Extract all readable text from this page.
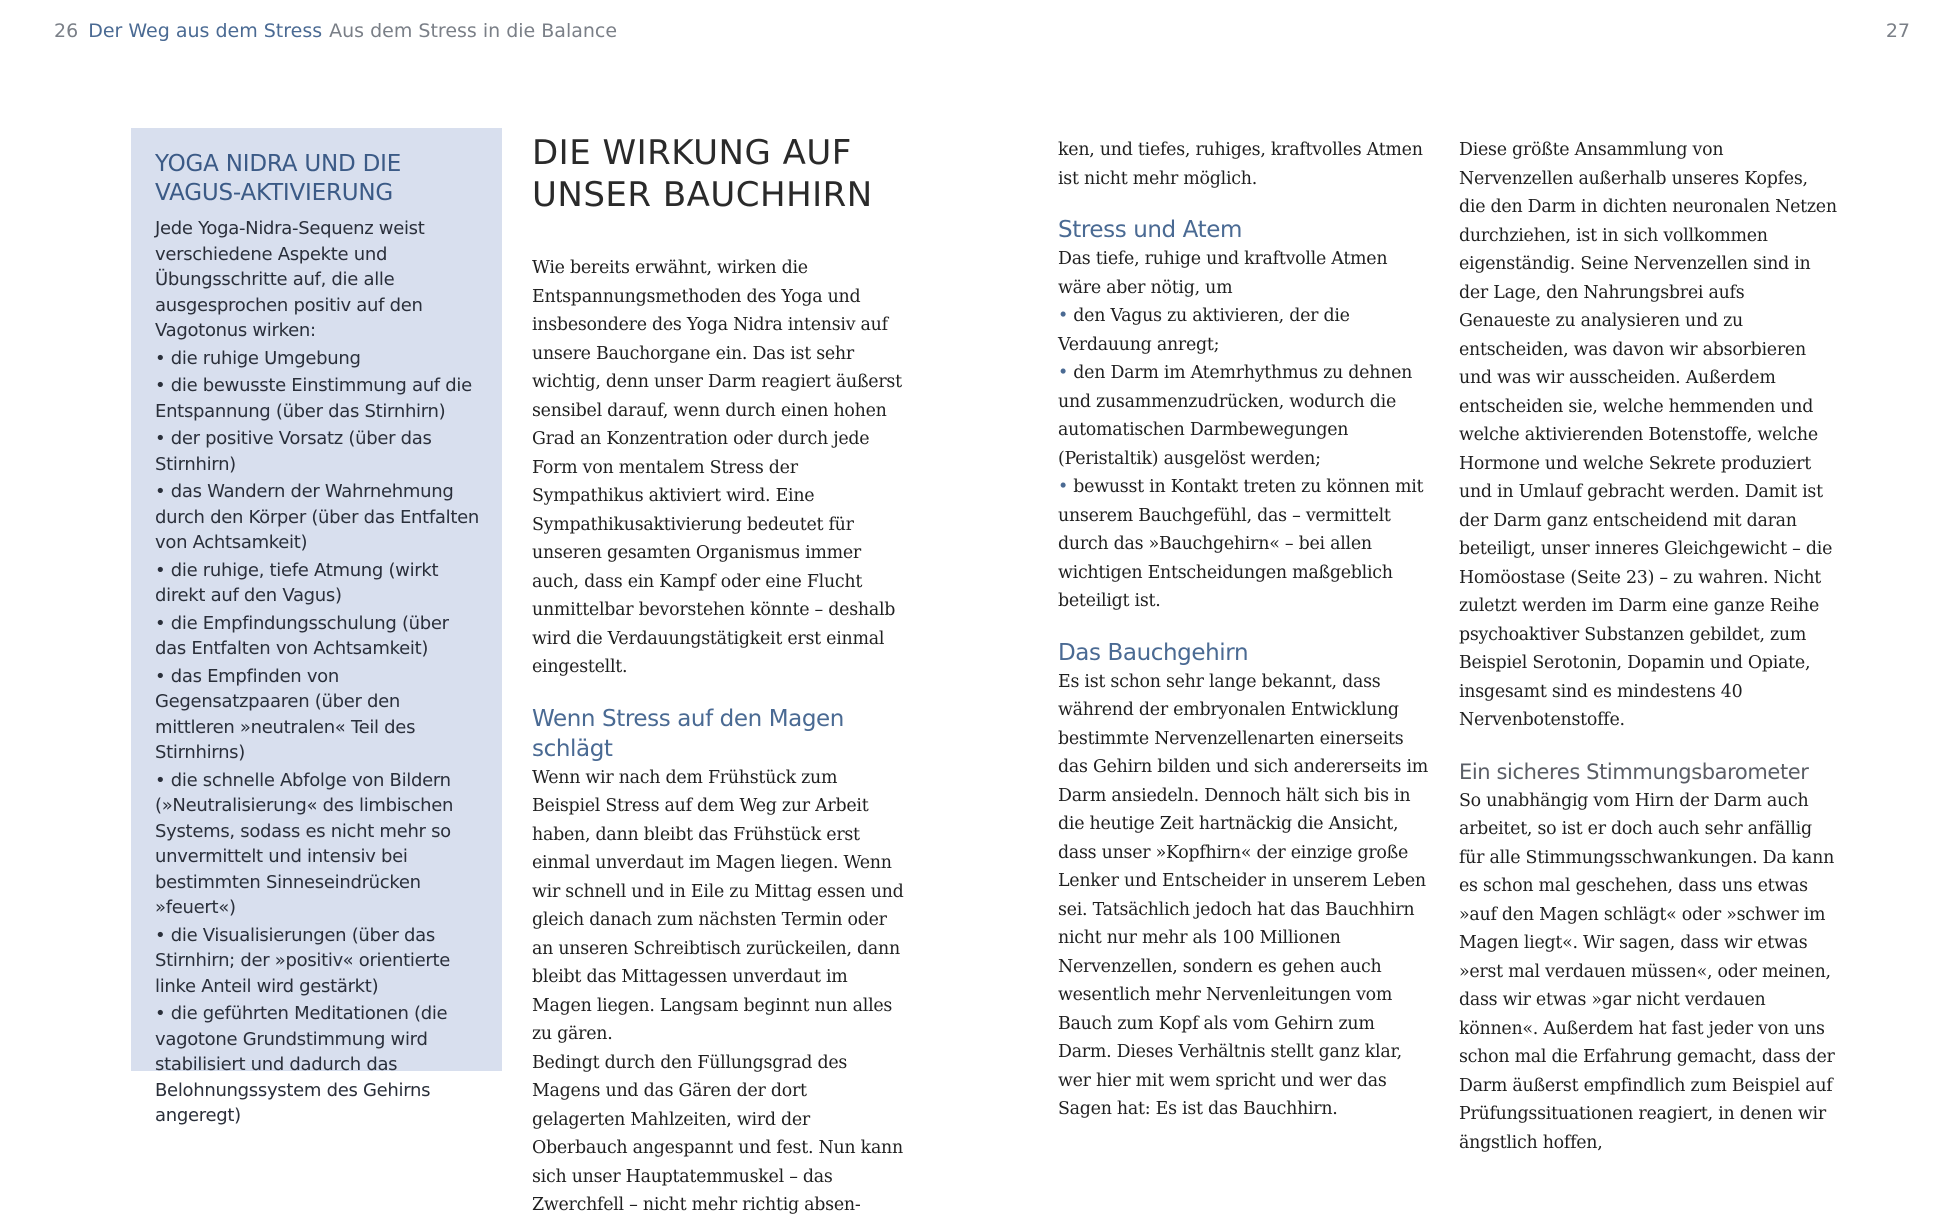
26 Der Weg aus dem Stress Aus dem Stress in die Balance	27
YOGA NIDRA UND DIE VAGUS-AKTIVIERUNG

Jede Yoga-Nidra-Sequenz weist verschiedene Aspekte und Übungsschritte auf, die alle ausgesprochen positiv auf den Vagotonus wirken:

• die ruhige Umgebung
• die bewusste Einstimmung auf die Entspannung (über das Stirnhirn)
• der positive Vorsatz (über das Stirnhirn)
• das Wandern der Wahrnehmung durch den Körper (über das Entfalten von Achtsamkeit)
• die ruhige, tiefe Atmung (wirkt direkt auf den Vagus)
• die Empfindungsschulung (über das Entfalten von Achtsamkeit)
• das Empfinden von Gegensatzpaaren (über den mittleren »neutralen« Teil des Stirnhirns)
• die schnelle Abfolge von Bildern (»Neutralisierung« des limbischen Systems, sodass es nicht mehr so unvermittelt und intensiv bei bestimmten Sinneseindrücken »feuert«)
• die Visualisierungen (über das Stirnhirn; der »positiv« orientierte linke Anteil wird gestärkt)
• die geführten Meditationen (die vagotone Grundstimmung wird stabilisiert und dadurch das Belohnungssystem des Gehirns angeregt)
DIE WIRKUNG AUF UNSER BAUCHHIRN

Wie bereits erwähnt, wirken die Entspannungsmethoden des Yoga und insbesondere des Yoga Nidra intensiv auf unsere Bauchorgane ein. Das ist sehr wichtig, denn unser Darm reagiert äußerst sensibel darauf, wenn durch einen hohen Grad an Konzentration oder durch jede Form von mentalem Stress der Sympathikus aktiviert wird. Eine Sympathikusaktivierung bedeutet für unseren gesamten Organismus immer auch, dass ein Kampf oder eine Flucht unmittelbar bevorstehen könnte – deshalb wird die Verdauungstätigkeit erst einmal eingestellt.

Wenn Stress auf den Magen schlägt

Wenn wir nach dem Frühstück zum Beispiel Stress auf dem Weg zur Arbeit haben, dann bleibt das Frühstück erst einmal unverdaut im Magen liegen. Wenn wir schnell und in Eile zu Mittag essen und gleich danach zum nächsten Termin oder an unseren Schreibtisch zurückeilen, dann bleibt das Mittagessen unverdaut im Magen liegen. Langsam beginnt nun alles zu gären.

Bedingt durch den Füllungsgrad des Magens und das Gären der dort gelagerten Mahlzeiten, wird der Oberbauch angespannt und fest. Nun kann sich unser Hauptatemmuskel – das Zwerchfell – nicht mehr richtig absen-

ken, und tiefes, ruhiges, kraftvolles Atmen ist nicht mehr möglich.

Stress und Atem

Das tiefe, ruhige und kraftvolle Atmen wäre aber nötig, um

• den Vagus zu aktivieren, der die Verdauung anregt;

• den Darm im Atemrhythmus zu dehnen und zusammenzudrücken, wodurch die automatischen Darmbewegungen (Peristaltik) ausgelöst werden;

• bewusst in Kontakt treten zu können mit unserem Bauchgefühl, das – vermittelt durch das »Bauchgehirn« – bei allen wichtigen Entscheidungen maßgeblich beteiligt ist.

Das Bauchgehirn

Es ist schon sehr lange bekannt, dass während der embryonalen Entwicklung bestimmte Nervenzellenarten einerseits das Gehirn bilden und sich andererseits im Darm ansiedeln. Dennoch hält sich bis in die heutige Zeit hartnäckig die Ansicht, dass unser »Kopfhirn« der einzige große Lenker und Entscheider in unserem Leben sei. Tatsächlich jedoch hat das Bauchhirn nicht nur mehr als 100 Millionen Nervenzellen, sondern es gehen auch wesentlich mehr Nervenleitungen vom Bauch zum Kopf als vom Gehirn zum Darm. Dieses Verhältnis stellt ganz klar, wer hier mit wem spricht und wer das Sagen hat: Es ist das Bauchhirn.

Diese größte Ansammlung von Nervenzellen außerhalb unseres Kopfes, die den Darm in dichten neuronalen Netzen durchziehen, ist in sich vollkommen eigenständig. Seine Nervenzellen sind in der Lage, den Nahrungsbrei aufs Genaueste zu analysieren und zu entscheiden, was davon wir absorbieren und was wir ausscheiden. Außerdem entscheiden sie, welche hemmenden und welche aktivierenden Botenstoffe, welche Hormone und welche Sekrete produziert und in Umlauf gebracht werden. Damit ist der Darm ganz entscheidend mit daran beteiligt, unser inneres Gleichgewicht – die Homöostase (Seite 23) – zu wahren. Nicht zuletzt werden im Darm eine ganze Reihe psychoaktiver Substanzen gebildet, zum Beispiel Serotonin, Dopamin und Opiate, insgesamt sind es mindestens 40 Nervenbotenstoffe.

Ein sicheres Stimmungsbarometer

So unabhängig vom Hirn der Darm auch arbeitet, so ist er doch auch sehr anfällig für alle Stimmungsschwankungen. Da kann es schon mal geschehen, dass uns etwas »auf den Magen schlägt« oder »schwer im Magen liegt«. Wir sagen, dass wir etwas »erst mal verdauen müssen«, oder meinen, dass wir etwas »gar nicht verdauen können«. Außerdem hat fast jeder von uns schon mal die Erfahrung gemacht, dass der Darm äußerst empfindlich zum Beispiel auf Prüfungssituationen reagiert, in denen wir ängstlich hoffen,
